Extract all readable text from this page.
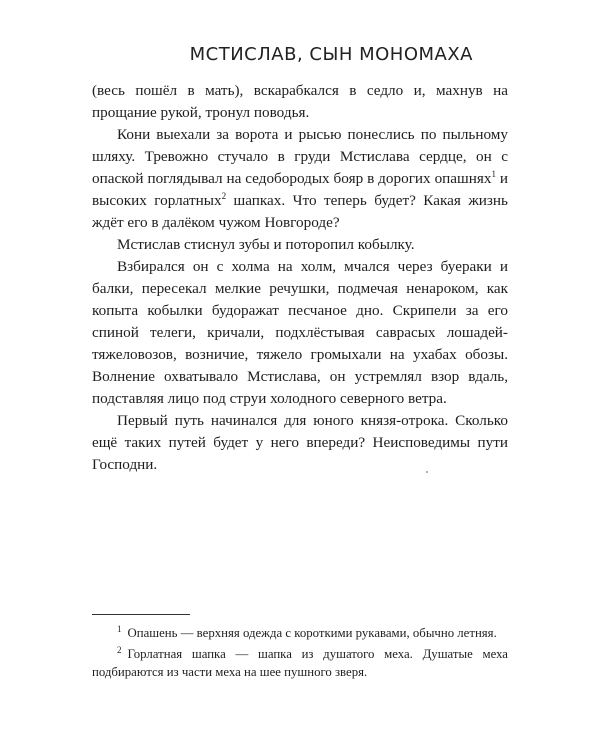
МСТИСЛАВ, СЫН МОНОМАХА

(весь пошёл в мать), вскарабкался в седло и, махнув на прощание рукой, тронул поводья.

Кони выехали за ворота и рысью понеслись по пыльному шляху. Тревожно стучало в груди Мстислава сердце, он с опаской поглядывал на седобородых бояр в дорогих опашнях$^1$ и высоких горлатных$^2$ шапках. Что теперь будет? Какая жизнь ждёт его в далёком чужом Новгороде?

Мстислав стиснул зубы и поторопил кобылку.

Взбирался он с холма на холм, мчался через буераки и балки, пересекал мелкие речушки, подмечая ненароком, как копыта кобылки будоражат песчаное дно. Скрипели за его спиной телеги, кричали, подхлёстывая саврасых лошадей-тяжеловозов, возничие, тяжело громыхали на ухабах обозы. Волнение охватывало Мстислава, он устремлял взор вдаль, подставляя лицо под струи холодного северного ветра.

Первый путь начинался для юного князя-отрока. Сколько ещё таких путей будет у него впереди? Неисповедимы пути Господни.

$^1$ Опашень — верхняя одежда с короткими рукавами, обычно летняя.

$^2$ Горлатная шапка — шапка из душатого меха. Душатые меха подбираются из части меха на шее пушного зверя.
